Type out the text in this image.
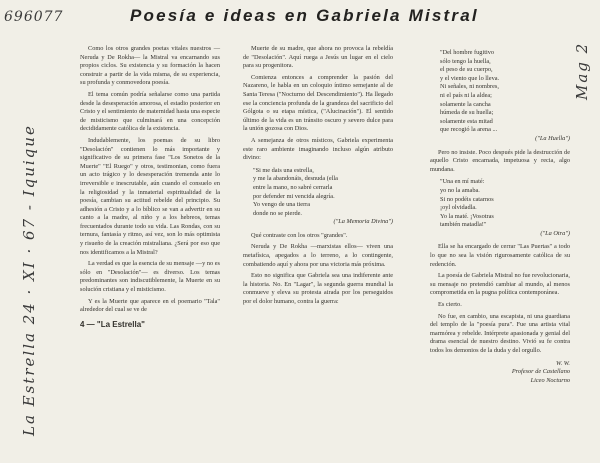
696077
La Estrella 24 · XI · 67 - Iquique
Mag 2
Poesía e ideas en Gabriela Mistral

Como los otros grandes poetas vitales nuestros —Neruda y De Rokha— la Mistral va encarnando sus propios ciclos. Su existencia y su formación la hacen construir a partir de la vida misma, de su experiencia, su profunda y conmovedora poesía.

El tema común podría señalarse como una partida desde la desesperación amorosa, el estadio posterior en Cristo y el sentimiento de maternidad hasta una especie de misticismo que culminará en una concepción decididamente católica de la existencia.

Indudablemente, los poemas de su libro "Desolación" contienen lo más importante y significativo de su primera fase "Los Sonetos de la Muerte" "El Ruego" y otros, testimonian, como fuera un acto trágico y lo desesperación tremenda ante lo irreversible e inescrutable, aún cuando el consuelo en la religiosidad y la inmaterial espiritualidad de la poesía, cambian su actitud rebelde del principio. Su adhesión a Cristo y a lo bíblico se van a advertir en su canto a la madre, al niño y a los hebreos, temas frecuentados durante todo su vida. Las Rondas, con su ternura, fantasía y ritmo, así vez, son lo más optimista y risueño de la creación mistraliana. ¿Será por eso que nos identificamos a la Mistral?

La verdad es que la esencia de su mensaje —y no es sólo en "Desolación"— es diverso. Los temas predominantes son indiscutiblemente, la Muerte en su solución cristiana y el misticismo.

Y es la Muerte que aparece en el poemario "Tala" alrededor del cual se ve de

4 — "La Estrella"

Muerte de su madre, que ahora no provoca la rebeldía de "Desolación". Aquí ruega a Jesús un lugar en el cielo para su progenitora.

Comienza entonces a comprender la pasión del Nazareno, le habla en un coloquio íntimo semejante al de Santa Teresa ("Nocturno del Descendimiento"). Ha llegado ese la conciencia profunda de la grandeza del sacrificio del Gólgota o su etapa mística, ("Alucinación"). El sentido último de la vida es un tránsito oscuro y severo dulce para la unión gozosa con Dios.

A semejanza de otros místicos, Gabriela experimenta este raro ambiente imaginando incluso algún atributo divino:

"Si me dais una estrella,
y me la abandonáis, desnuda (ella
entre la mano, no sabré cerrarla
por defender mi vencida alegría.
Yo vengo de una tierra
donde no se pierde.
("La Memoria Divina")

Qué contraste con los otros "grandes".

Neruda y De Rokha —marxistas ellos— viven una metafísica, apegados a lo terreno, a lo contingente, combatiendo aquí y ahora por una victoria más próxima.

Esto no significa que Gabriela sea una indiferente ante la historia. No. En "Lagar", la segunda guerra mundial la conmueve y eleva su protesta airada por los perseguidos por el dolor humano, contra la guerra:

"Del hombre fugitivo
sólo tengo la huella,
el peso de su cuerpo,
y el viento que lo lleva.
Ni señales, ni nombres,
ni el país ni la aldea;
solamente la cancha
húmeda de su huella;
solamente esta mitad
que recogió la arena ...
("La Huella")

Pero no insiste. Poco después pide la destrucción de aquello Cristo encarnada, impetuosa y recia, algo mundana.

"Una en mí maté:
yo no la amaba.
Si no podéis catarnos
¡oyl olvidadla.
Yo la maté. ¡Vosotras
también matadla!"
("La Otra")

Ella se ha encargado de cerrar "Las Puertas" a todo lo que no sea la visión rigurosamente católica de su redención.

La poesía de Gabriela Mistral no fue revolucionaria, su mensaje no pretendió cambiar al mundo, al menos comprometida en la pugna política contemporánea.

Es cierto.

No fue, en cambio, una escapista, ni una guardiana del templo de la "poesía pura". Fue una artista vital marmórea y rebelde. Intérprete apasionada y genial del drama esencial de nuestro destino. Vivió su fe contra todos los demonios de la duda y del orgullo.

W. W.
Profesor de Castellano
Liceo Nocturno
